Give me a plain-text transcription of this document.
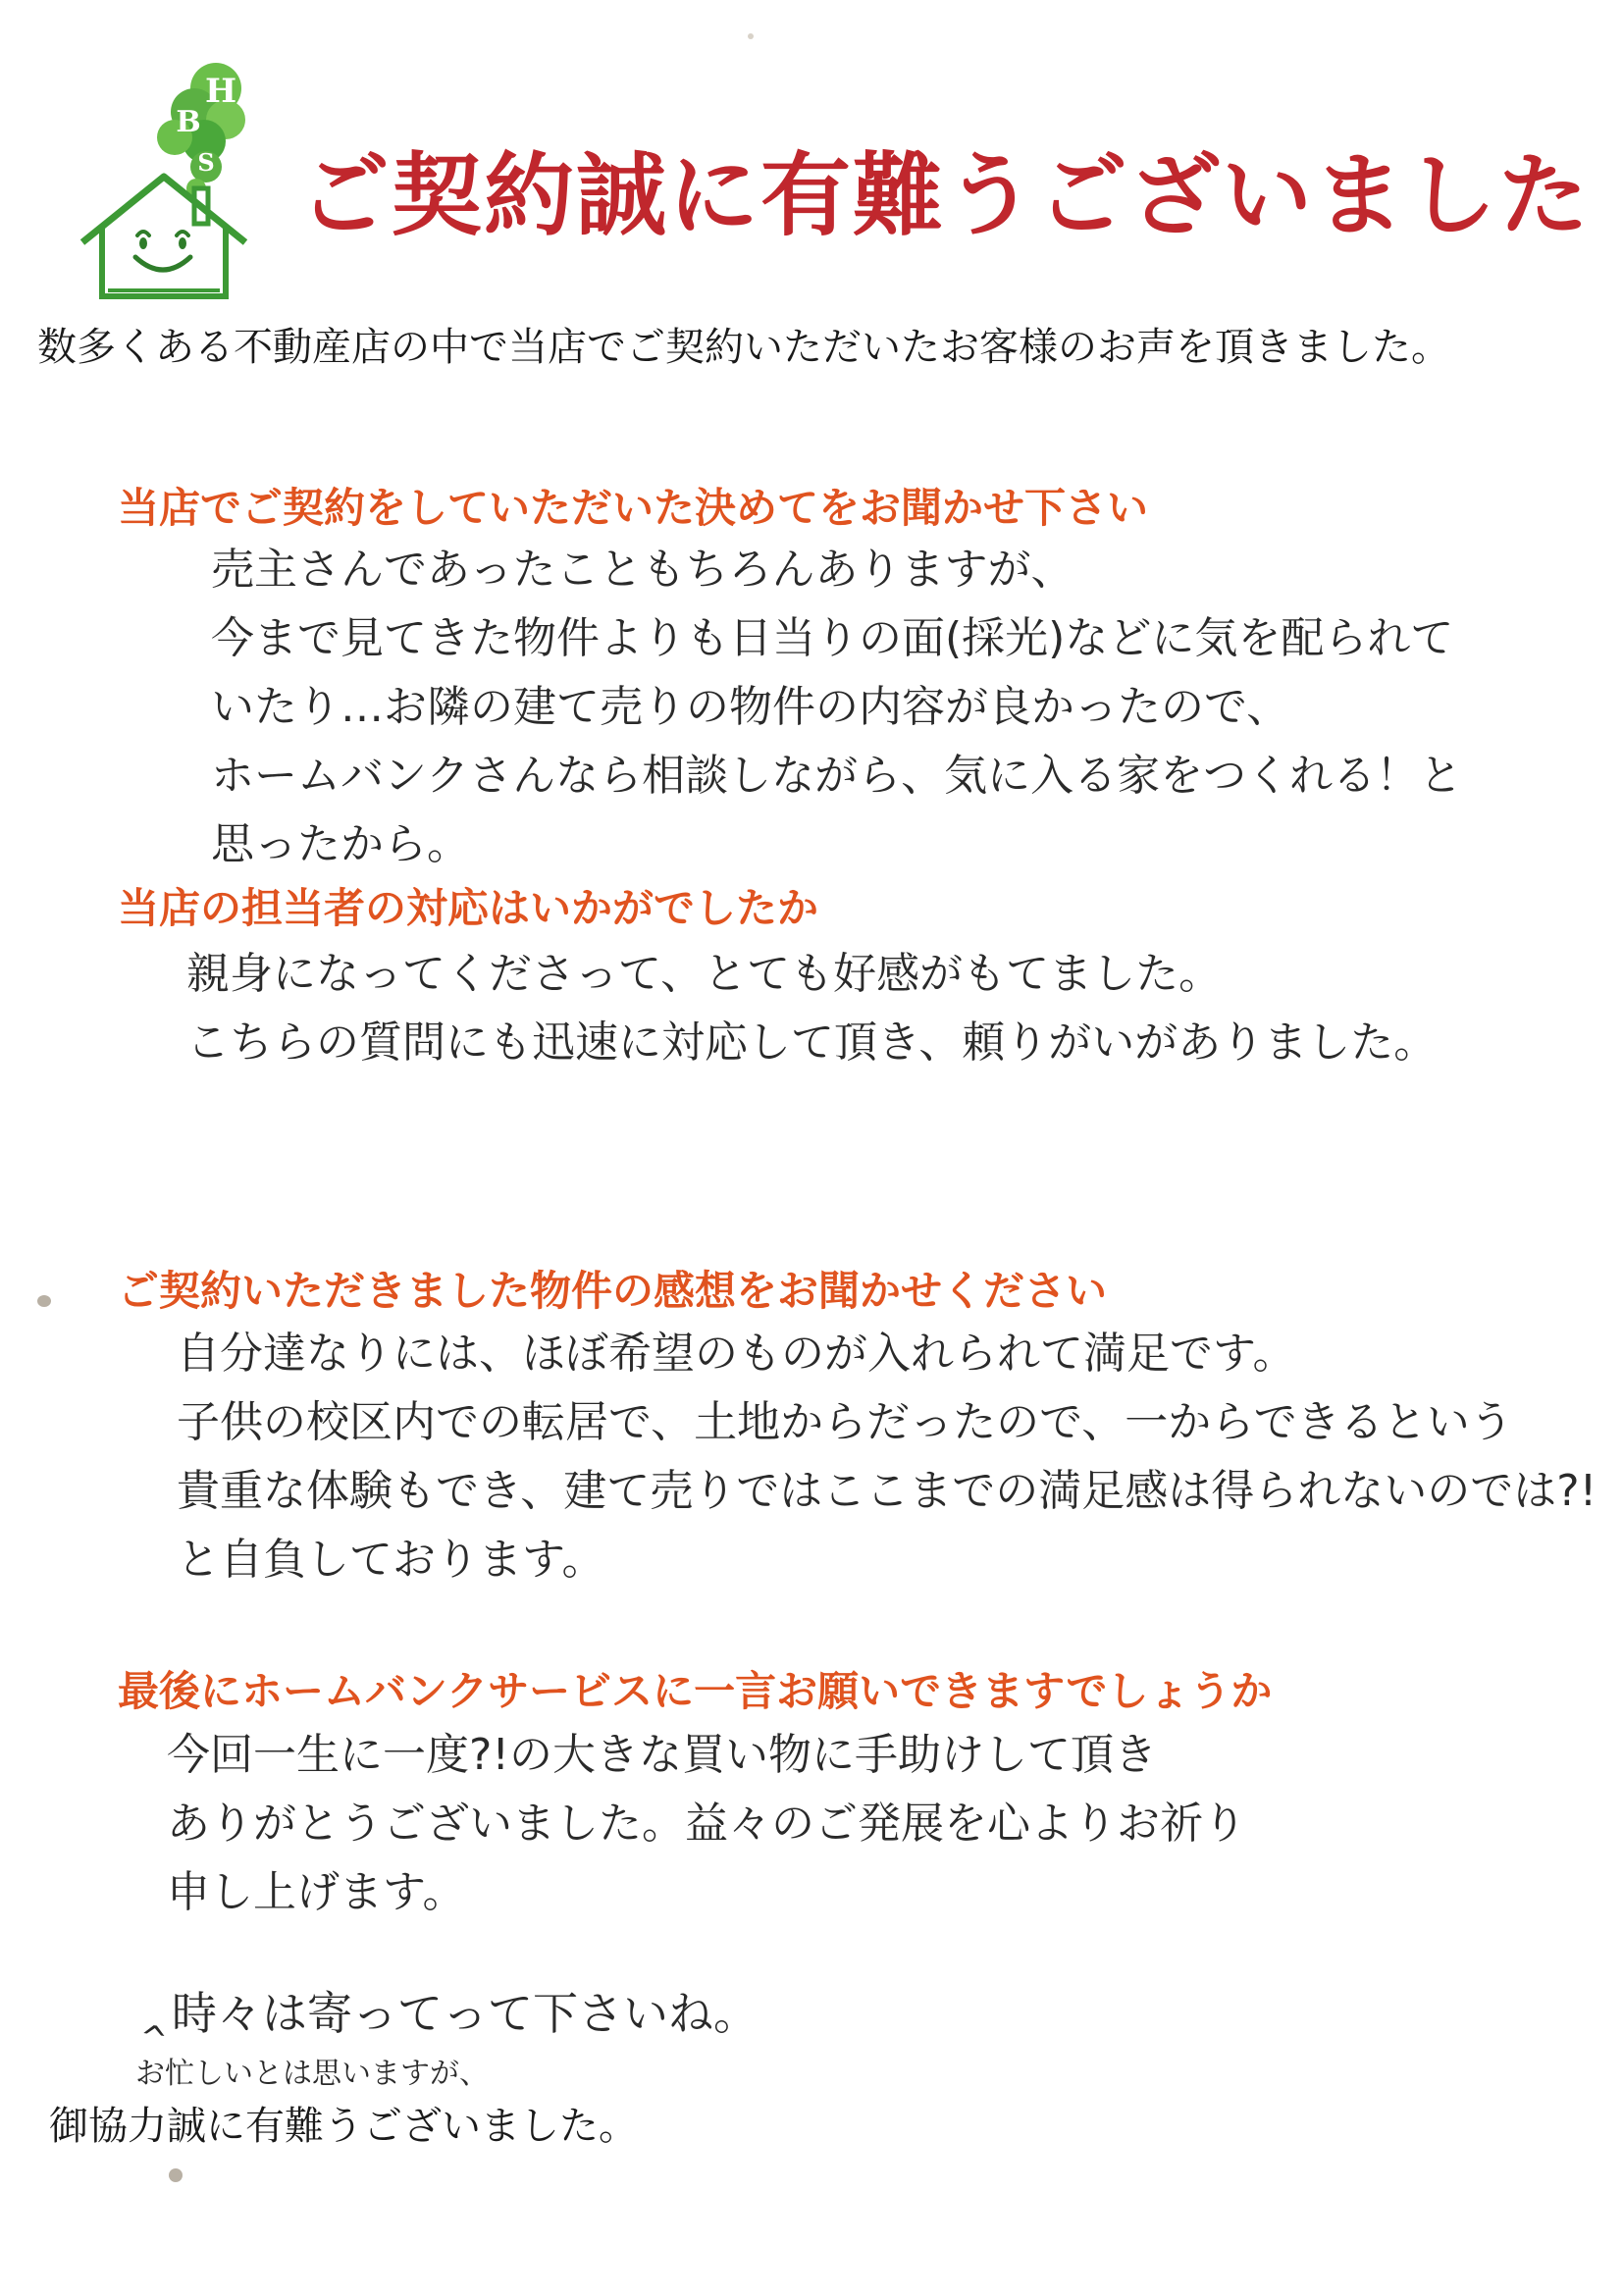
B
H
S ご契約誠に有難うございました
数多くある不動産店の中で当店でご契約いただいたお客様のお声を頂きました。
当店でご契約をしていただいた決めてをお聞かせ下さい
売主さんであったこともちろんありますが、
今まで見てきた物件よりも日当りの面(採光)などに気を配られて
いたり…お隣の建て売りの物件の内容が良かったので、
ホームバンクさんなら相談しながら、気に入る家をつくれる！と
思ったから。
当店の担当者の対応はいかがでしたか
親身になってくださって、とても好感がもてました。
こちらの質問にも迅速に対応して頂き、頼りがいがありました。
ご契約いただきました物件の感想をお聞かせください
自分達なりには、ほぼ希望のものが入れられて満足です。
子供の校区内での転居で、土地からだったので、一からできるという
貴重な体験もでき、建て売りではここまでの満足感は得られないのでは?!
と自負しております。
最後にホームバンクサービスに一言お願いできますでしょうか
今回一生に一度?!の大きな買い物に手助けして頂き
ありがとうございました。益々のご発展を心よりお祈り
申し上げます。
時々は寄ってって下さいね。
^
お忙しいとは思いますが、
御協力誠に有難うございました。
